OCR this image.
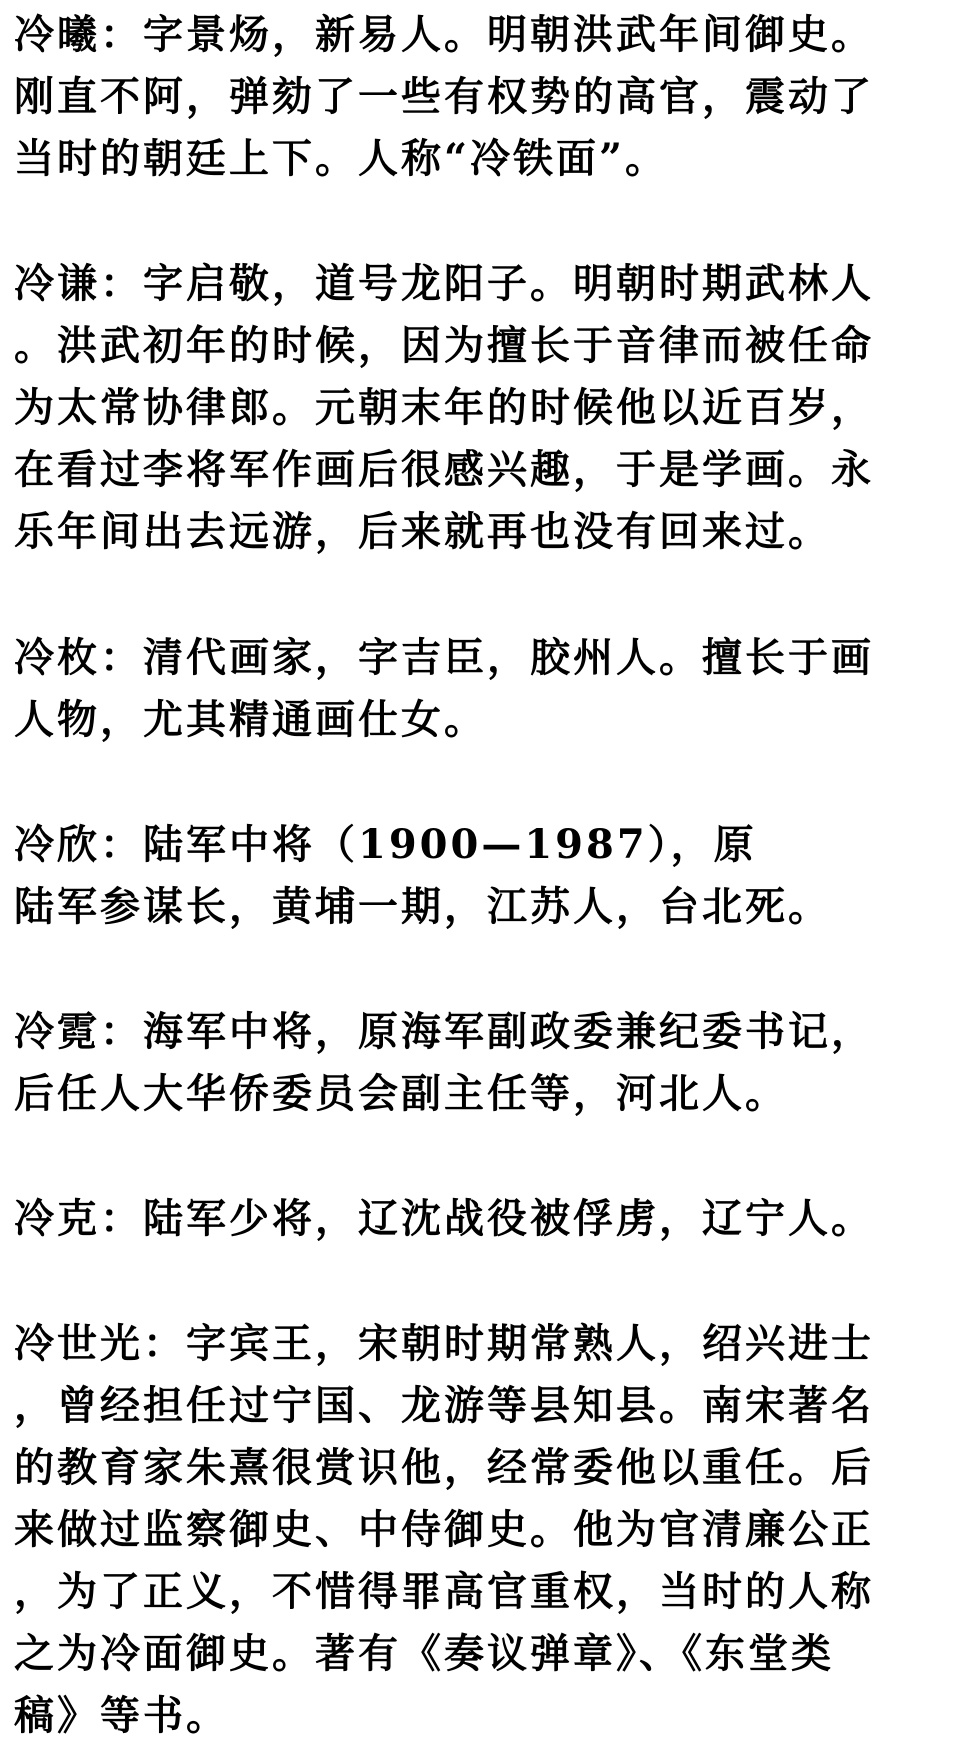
冷曦：字景炀，新易人。明朝洪武年间御史。
刚直不阿，弹劾了一些有权势的高官，震动了
当时的朝廷上下。人称“冷铁面”。
冷谦：字启敬，道号龙阳子。明朝时期武林人
。洪武初年的时候，因为擅长于音律而被任命
为太常协律郎。元朝末年的时候他以近百岁，
在看过李将军作画后很感兴趣，于是学画。永
乐年间出去远游，后来就再也没有回来过。
冷枚：清代画家，字吉臣，胶州人。擅长于画
人物，尤其精通画仕女。
冷欣：陆军中将（1900—1987），原
陆军参谋长，黄埔一期，江苏人，台北死。
冷霓：海军中将，原海军副政委兼纪委书记，
后任人大华侨委员会副主任等，河北人。
冷克：陆军少将，辽沈战役被俘虏，辽宁人。
冷世光：字宾王，宋朝时期常熟人，绍兴进士
，曾经担任过宁国、龙游等县知县。南宋著名
的教育家朱熹很赏识他，经常委他以重任。后
来做过监察御史、中侍御史。他为官清廉公正
，为了正义，不惜得罪高官重权，当时的人称
之为冷面御史。著有《奏议弹章》、《东堂类
稿》等书。
